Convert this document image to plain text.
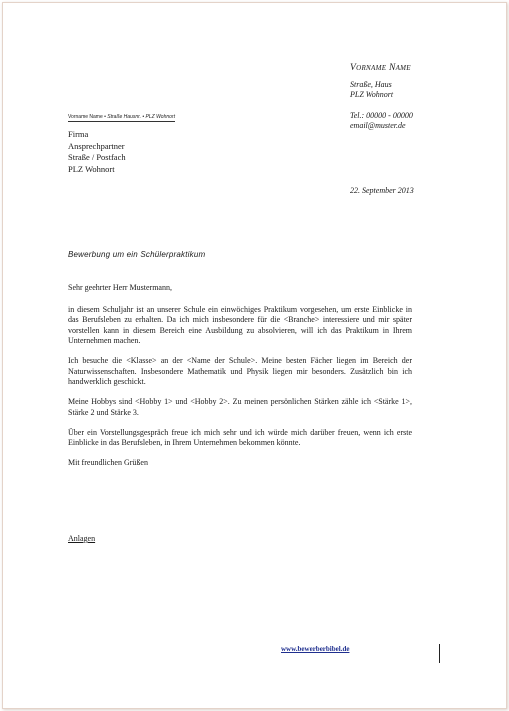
Vorname Name
Straße, Haus
PLZ Wohnort
Tel.: 00000 - 00000
email@muster.de
Vorname Name • Straße Hausnr. • PLZ Wohnort
Firma
Ansprechpartner
Straße / Postfach
PLZ Wohnort
22. September 2013
Bewerbung um ein Schülerpraktikum

Sehr geehrter Herr Mustermann,

in diesem Schuljahr ist an unserer Schule ein einwöchiges Praktikum vorgesehen, um erste Einblicke in das Berufsleben zu erhalten. Da ich mich insbesondere für die <Branche> interessiere und mir später vorstellen kann in diesem Bereich eine Ausbildung zu absolvieren, will ich das Praktikum in Ihrem Unternehmen machen.

Ich besuche die <Klasse> an der <Name der Schule>. Meine besten Fächer liegen im Bereich der Naturwissenschaften. Insbesondere Mathematik und Physik liegen mir besonders. Zusätzlich bin ich handwerklich geschickt.

Meine Hobbys sind <Hobby 1> und <Hobby 2>. Zu meinen persönlichen Stärken zähle ich <Stärke 1>, Stärke 2 und Stärke 3.

Über ein Vorstellungsgespräch freue ich mich sehr und ich würde mich darüber freuen, wenn ich erste Einblicke in das Berufsleben, in Ihrem Unternehmen bekommen könnte.

Mit freundlichen Grüßen

Anlagen
www.bewerberbibel.de
